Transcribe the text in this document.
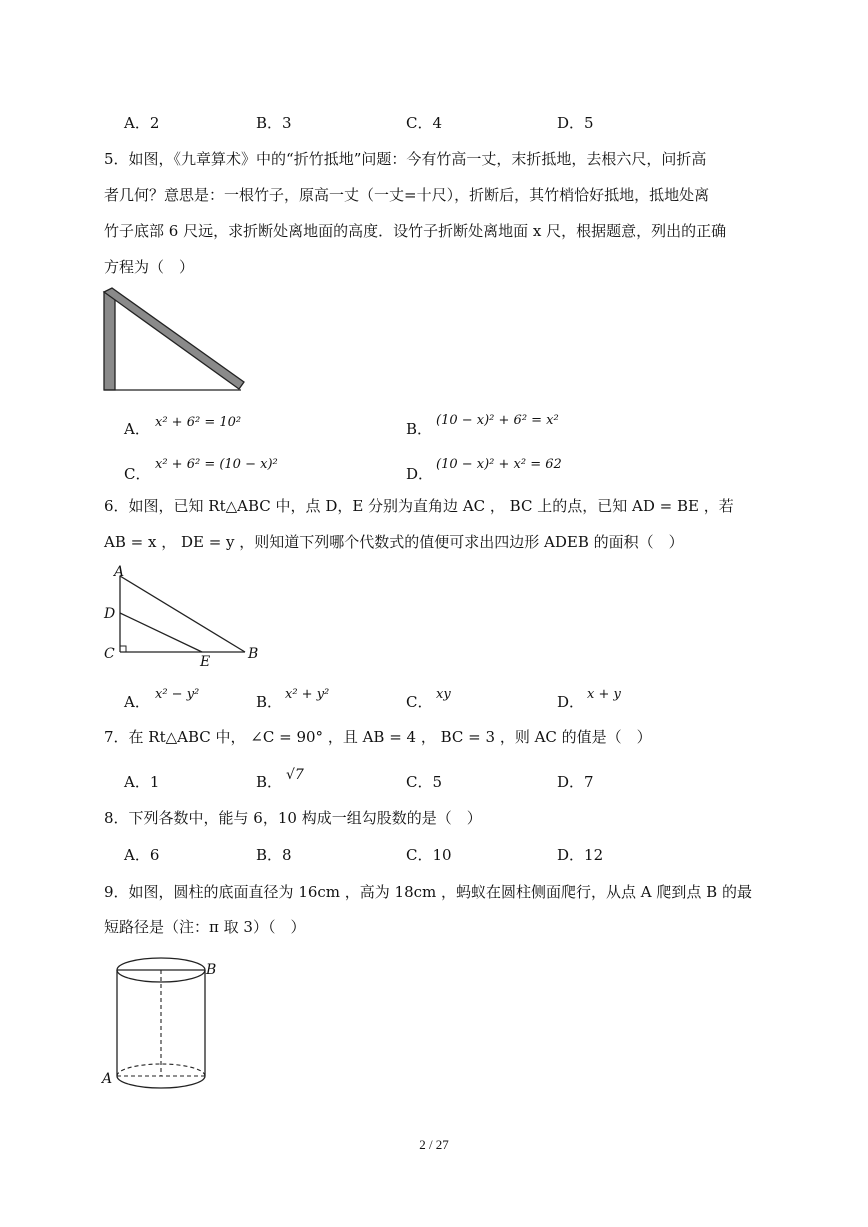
A．2	B．3	C．4	D．5
5．如图，《九章算术》中的“折竹抵地”问题：今有竹高一丈，末折抵地，去根六尺，问折高
者几何？意思是：一根竹子，原高一丈（一丈=十尺），折断后，其竹梢恰好抵地，抵地处离
竹子底部 6 尺远，求折断处离地面的高度．设竹子折断处离地面 x 尺，根据题意，列出的正确
方程为（　）
A． x² + 6² = 10²	B． (10 − x)² + 6² = x²
C．
x² + 6² = (10 − x)²
D．
(10 − x)² + x² = 62
6．如图，已知 Rt△ABC 中，点 D，E 分别为直角边 AC ， BC 上的点，已知 AD = BE ，若
AB = x ， DE = y ，则知道下列哪个代数式的值便可求出四边形 ADEB 的面积（　）
A
D
C	E	B
A． x² − y²	B． x² + y²	C． xy	D． x + y
7．在 Rt△ABC 中， ∠C = 90° ，且 AB = 4 ， BC = 3 ，则 AC 的值是（　）
A．1	B． √7	C．5	D．7
8．下列各数中，能与 6，10 构成一组勾股数的是（　）
A．6	B．8	C．10	D．12
9．如图，圆柱的底面直径为 16cm ，高为 18cm ，蚂蚁在圆柱侧面爬行，从点 A 爬到点 B 的最
短路径是（注：π 取 3）（　）
B
A
2 / 27
